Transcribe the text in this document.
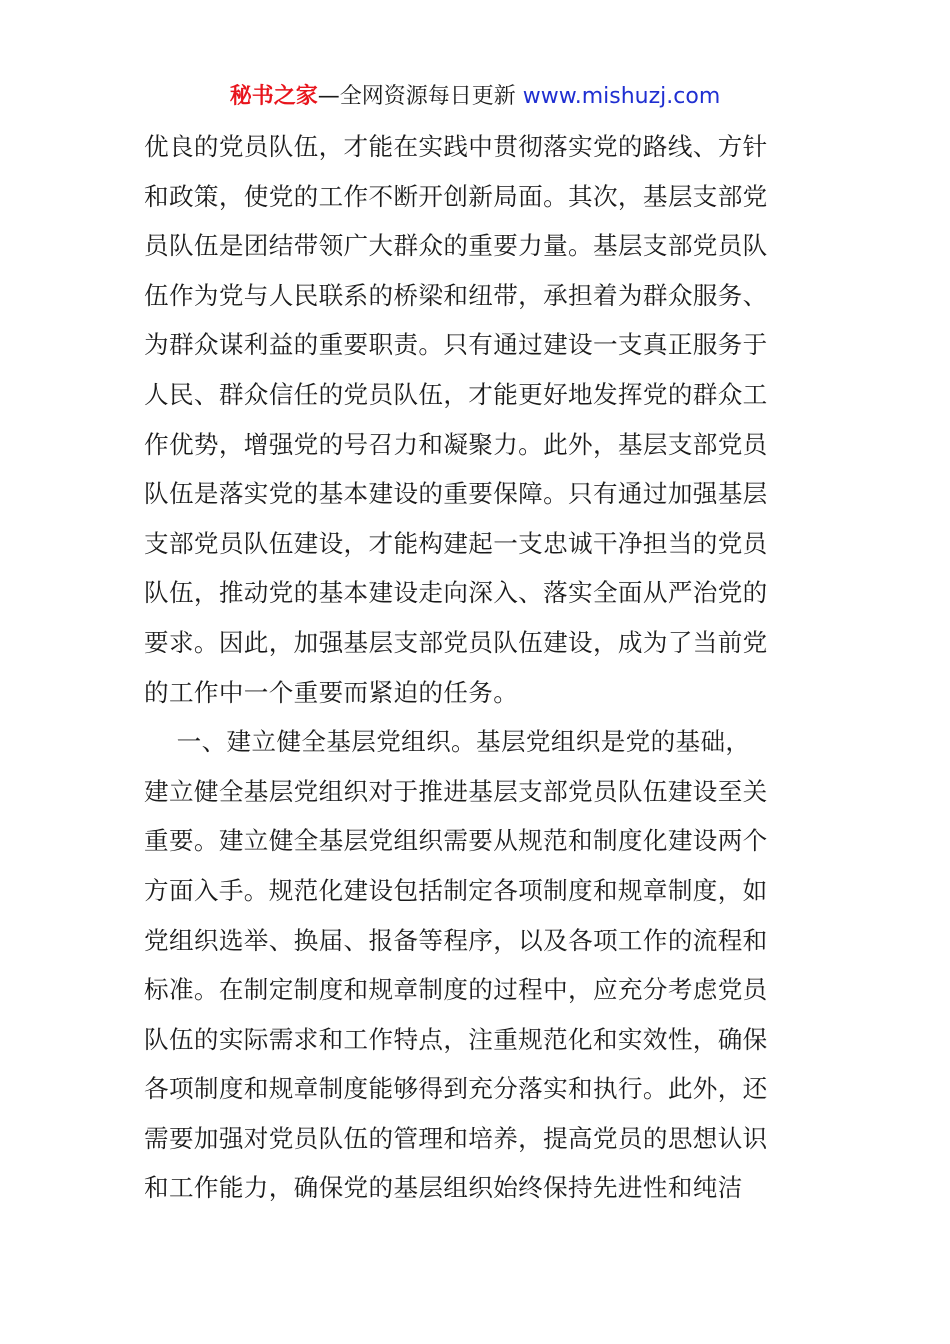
秘书之家—全网资源每日更新 www.mishuzj.com
优良的党员队伍，才能在实践中贯彻落实党的路线、方针
和政策，使党的工作不断开创新局面。其次，基层支部党
员队伍是团结带领广大群众的重要力量。基层支部党员队
伍作为党与人民联系的桥梁和纽带，承担着为群众服务、
为群众谋利益的重要职责。只有通过建设一支真正服务于
人民、群众信任的党员队伍，才能更好地发挥党的群众工
作优势，增强党的号召力和凝聚力。此外，基层支部党员
队伍是落实党的基本建设的重要保障。只有通过加强基层
支部党员队伍建设，才能构建起一支忠诚干净担当的党员
队伍，推动党的基本建设走向深入、落实全面从严治党的
要求。因此，加强基层支部党员队伍建设，成为了当前党
的工作中一个重要而紧迫的任务。
一、建立健全基层党组织。基层党组织是党的基础，
建立健全基层党组织对于推进基层支部党员队伍建设至关
重要。建立健全基层党组织需要从规范和制度化建设两个
方面入手。规范化建设包括制定各项制度和规章制度，如
党组织选举、换届、报备等程序，以及各项工作的流程和
标准。在制定制度和规章制度的过程中，应充分考虑党员
队伍的实际需求和工作特点，注重规范化和实效性，确保
各项制度和规章制度能够得到充分落实和执行。此外，还
需要加强对党员队伍的管理和培养，提高党员的思想认识
和工作能力，确保党的基层组织始终保持先进性和纯洁
